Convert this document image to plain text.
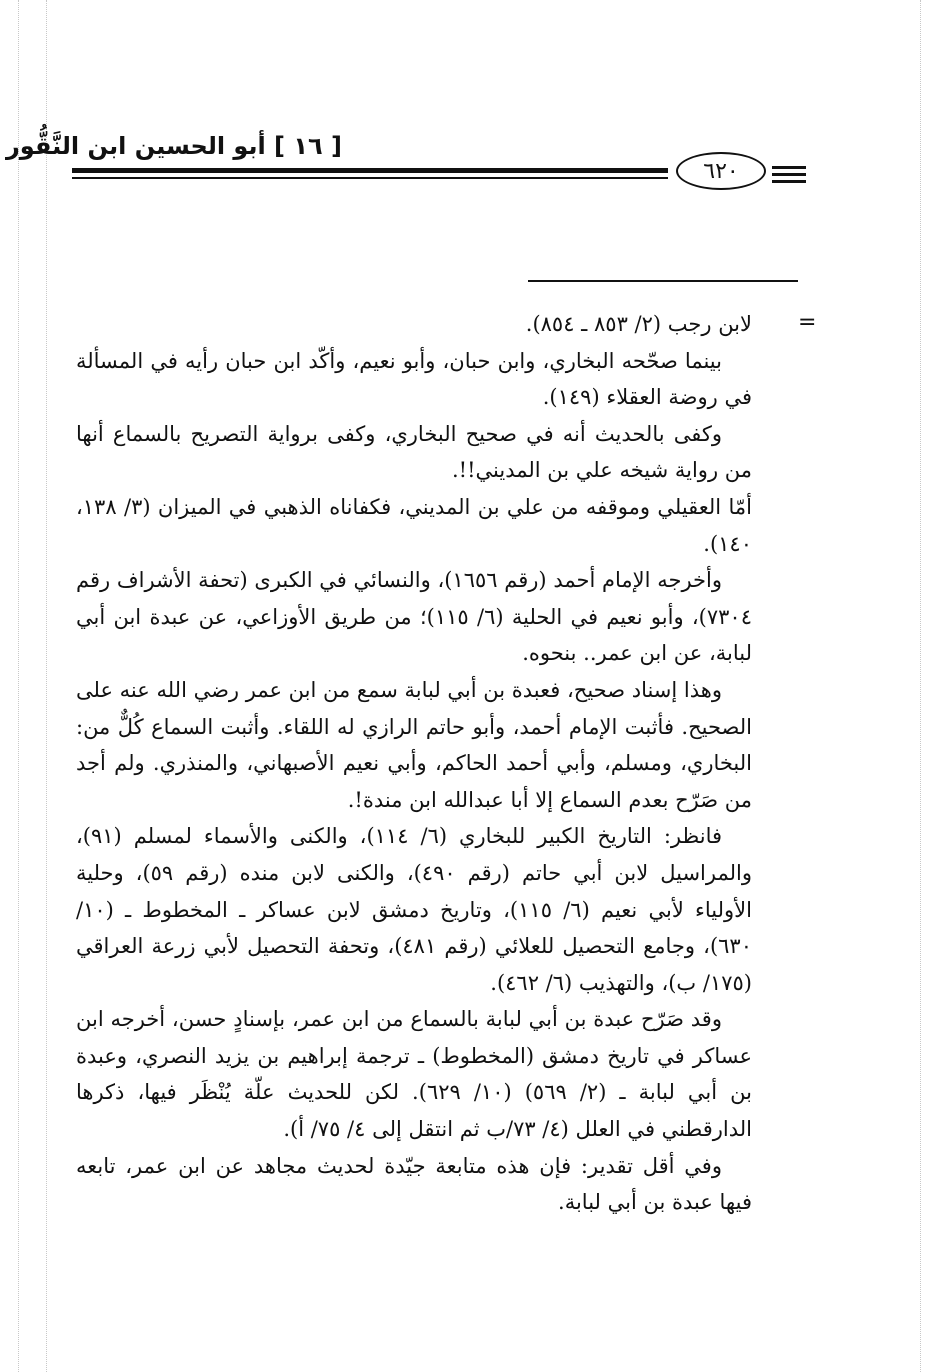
[ ١٦ ] أبو الحسين ابن النَّقُّور
٦٢٠
=

لابن رجب (٢/ ٨٥٣ ـ ٨٥٤).

بينما صحّحه البخاري، وابن حبان، وأبو نعيم، وأكّد ابن حبان رأيه في المسألة في روضة العقلاء (١٤٩).

وكفى بالحديث أنه في صحيح البخاري، وكفى برواية التصريح بالسماع أنها من رواية شيخه علي بن المديني!!.

أمّا العقيلي وموقفه من علي بن المديني، فكفاناه الذهبي في الميزان (٣/ ١٣٨، ١٤٠).

وأخرجه الإمام أحمد (رقم ١٦٥٦)، والنسائي في الكبرى (تحفة الأشراف رقم ٧٣٠٤)، وأبو نعيم في الحلية (٦/ ١١٥)؛ من طريق الأوزاعي، عن عبدة ابن أبي لبابة، عن ابن عمر.. بنحوه.

وهذا إسناد صحيح، فعبدة بن أبي لبابة سمع من ابن عمر رضي الله عنه على الصحيح. فأثبت الإمام أحمد، وأبو حاتم الرازي له اللقاء. وأثبت السماع كُلٌّ من: البخاري، ومسلم، وأبي أحمد الحاكم، وأبي نعيم الأصبهاني، والمنذري. ولم أجد من صَرّح بعدم السماع إلا أبا عبدالله ابن مندة!.

فانظر: التاريخ الكبير للبخاري (٦/ ١١٤)، والكنى والأسماء لمسلم (٩١)، والمراسيل لابن أبي حاتم (رقم ٤٩٠)، والكنى لابن منده (رقم ٥٩)، وحلية الأولياء لأبي نعيم (٦/ ١١٥)، وتاريخ دمشق لابن عساكر ـ المخطوط ـ (١٠/ ٦٣٠)، وجامع التحصيل للعلائي (رقم ٤٨١)، وتحفة التحصيل لأبي زرعة العراقي (١٧٥/ ب)، والتهذيب (٦/ ٤٦٢).

وقد صَرّح عبدة بن أبي لبابة بالسماع من ابن عمر، بإسنادٍ حسن، أخرجه ابن عساكر في تاريخ دمشق (المخطوط) ـ ترجمة إبراهيم بن يزيد النصري، وعبدة بن أبي لبابة ـ (٢/ ٥٦٩) (١٠/ ٦٢٩). لكن للحديث علّة يُنْظَر فيها، ذكرها الدارقطني في العلل (٤/ ٧٣/ب ثم انتقل إلى ٤/ ٧٥/ أ).

وفي أقل تقدير: فإن هذه متابعة جيّدة لحديث مجاهد عن ابن عمر، تابعه فيها عبدة بن أبي لبابة.
